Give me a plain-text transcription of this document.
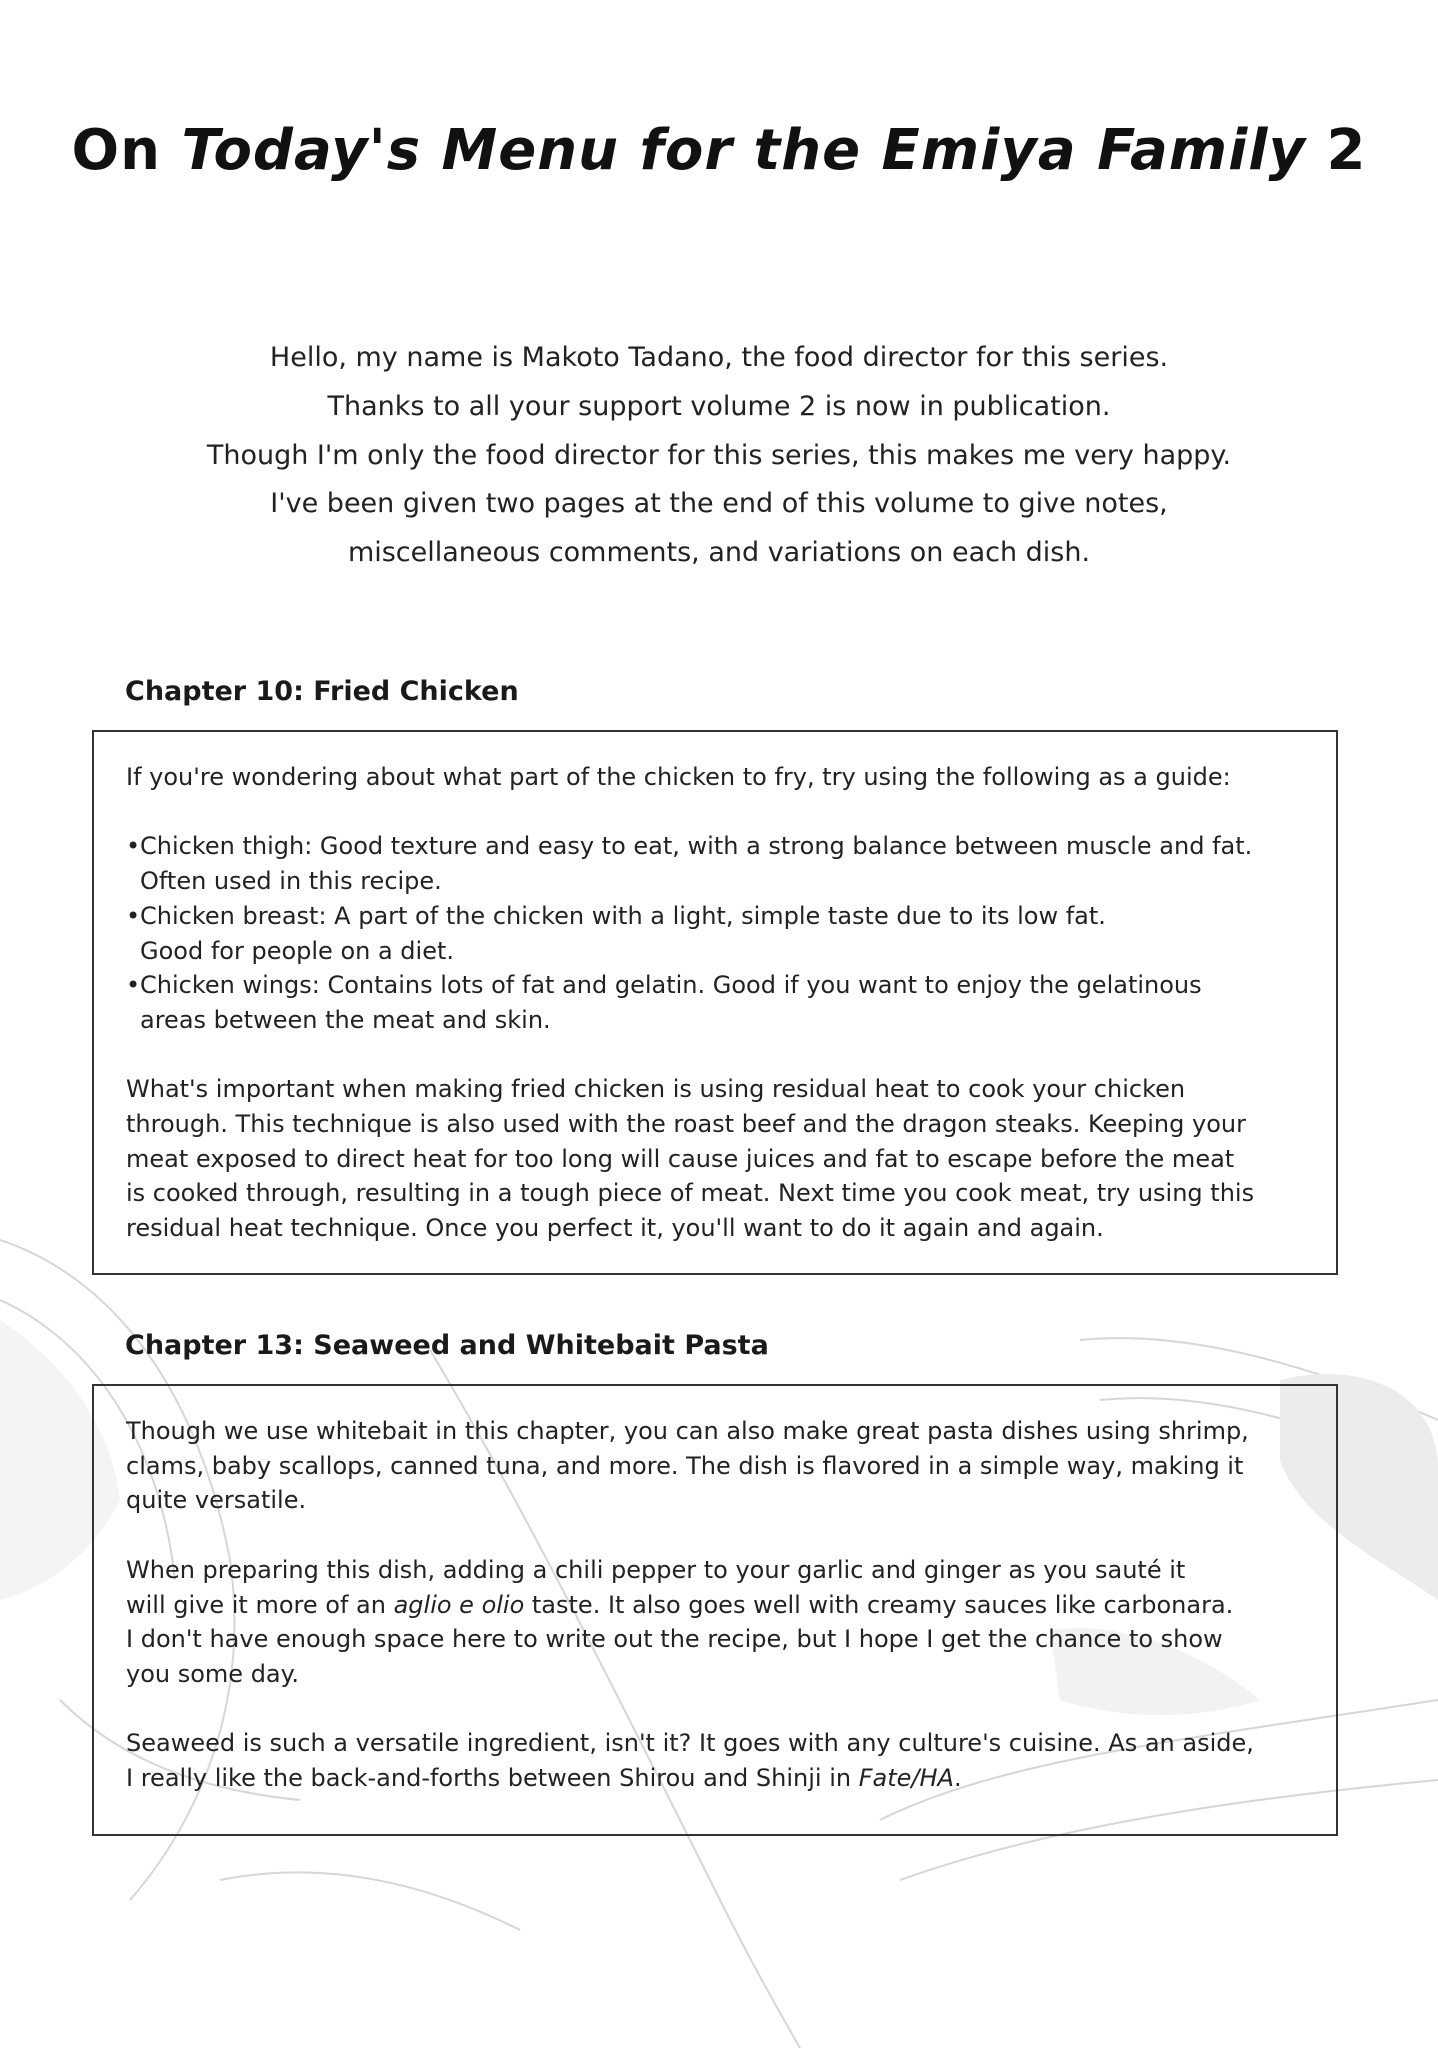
On Today's Menu for the Emiya Family 2

Hello, my name is Makoto Tadano, the food director for this series.

Thanks to all your support volume 2 is now in publication.

Though I'm only the food director for this series, this makes me very happy.

I've been given two pages at the end of this volume to give notes,

miscellaneous comments, and variations on each dish.

Chapter 10: Fried Chicken

If you're wondering about what part of the chicken to fry, try using the following as a guide:

• Chicken thigh: Good texture and easy to eat, with a strong balance between muscle and fat.

Often used in this recipe.

• Chicken breast: A part of the chicken with a light, simple taste due to its low fat.

Good for people on a diet.

• Chicken wings: Contains lots of fat and gelatin. Good if you want to enjoy the gelatinous

areas between the meat and skin.

What's important when making fried chicken is using residual heat to cook your chicken

through. This technique is also used with the roast beef and the dragon steaks. Keeping your

meat exposed to direct heat for too long will cause juices and fat to escape before the meat

is cooked through, resulting in a tough piece of meat. Next time you cook meat, try using this

residual heat technique. Once you perfect it, you'll want to do it again and again.

Chapter 13: Seaweed and Whitebait Pasta

Though we use whitebait in this chapter, you can also make great pasta dishes using shrimp,

clams, baby scallops, canned tuna, and more. The dish is flavored in a simple way, making it

quite versatile.

When preparing this dish, adding a chili pepper to your garlic and ginger as you sauté it

will give it more of an aglio e olio taste. It also goes well with creamy sauces like carbonara.

I don't have enough space here to write out the recipe, but I hope I get the chance to show

you some day.

Seaweed is such a versatile ingredient, isn't it? It goes with any culture's cuisine. As an aside,

I really like the back-and-forths between Shirou and Shinji in Fate/HA.
